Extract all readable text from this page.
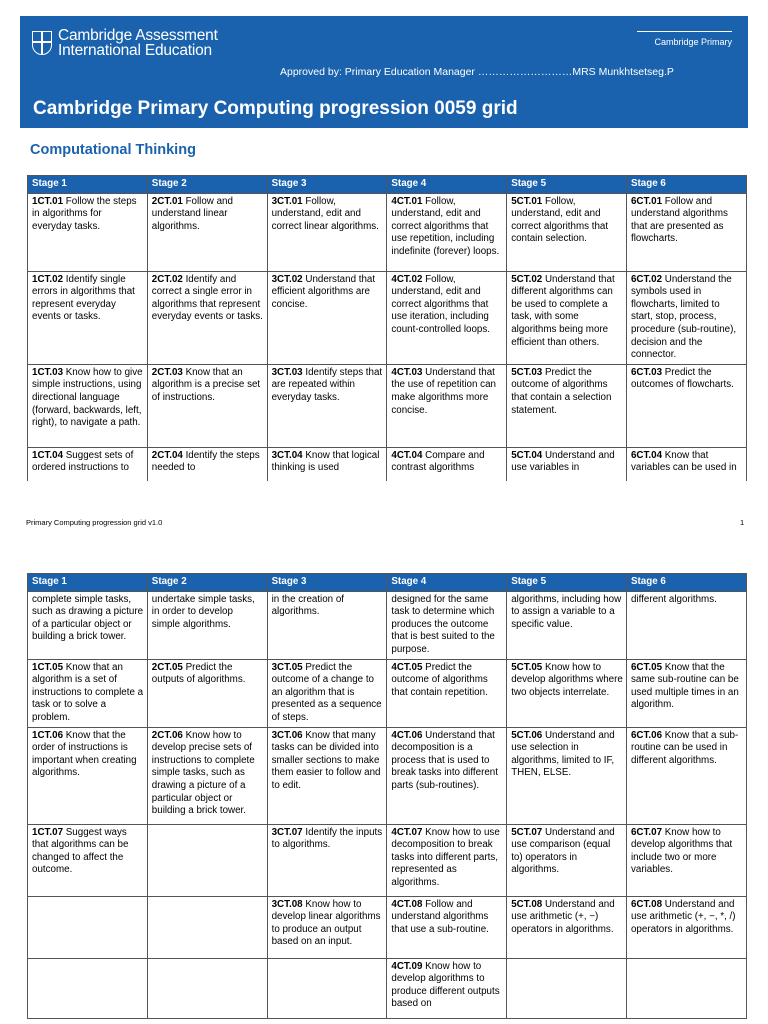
Cambridge Assessment
International Education	Cambridge Primary
Approved by: Primary Education Manager ………………………MRS Munkhtsetseg.P
Cambridge Primary Computing progression 0059 grid
Computational Thinking
Stage 1	Stage 2	Stage 3	Stage 4	Stage 5	Stage 6
1CT.01 Follow the steps in algorithms for everyday tasks.	2CT.01 Follow and understand linear algorithms.	3CT.01 Follow, understand, edit and correct linear algorithms.	4CT.01 Follow, understand, edit and correct algorithms that use repetition, including indefinite (forever) loops.	5CT.01 Follow, understand, edit and correct algorithms that contain selection.	6CT.01 Follow and understand algorithms that are presented as flowcharts.
1CT.02 Identify single errors in algorithms that represent everyday events or tasks.	2CT.02 Identify and correct a single error in algorithms that represent everyday events or tasks.	3CT.02 Understand that efficient algorithms are concise.	4CT.02 Follow, understand, edit and correct algorithms that use iteration, including count-controlled loops.	5CT.02 Understand that different algorithms can be used to complete a task, with some algorithms being more efficient than others.	6CT.02 Understand the symbols used in flowcharts, limited to start, stop, process, procedure (sub-routine), decision and the connector.
1CT.03 Know how to give simple instructions, using directional language (forward, backwards, left, right), to navigate a path.	2CT.03 Know that an algorithm is a precise set of instructions.	3CT.03 Identify steps that are repeated within everyday tasks.	4CT.03 Understand that the use of repetition can make algorithms more concise.	5CT.03 Predict the outcome of algorithms that contain a selection statement.	6CT.03 Predict the outcomes of flowcharts.
1CT.04 Suggest sets of ordered instructions to	2CT.04 Identify the steps needed to	3CT.04 Know that logical thinking is used	4CT.04 Compare and contrast algorithms	5CT.04 Understand and use variables in	6CT.04 Know that variables can be used in
Primary Computing progression grid v1.0	1
Stage 1	Stage 2	Stage 3	Stage 4	Stage 5	Stage 6
complete simple tasks, such as drawing a picture of a particular object or building a brick tower.	undertake simple tasks, in order to develop simple algorithms.	in the creation of algorithms.	designed for the same task to determine which produces the outcome that is best suited to the purpose.	algorithms, including how to assign a variable to a specific value.	different algorithms.
1CT.05 Know that an algorithm is a set of instructions to complete a task or to solve a problem.	2CT.05 Predict the outputs of algorithms.	3CT.05 Predict the outcome of a change to an algorithm that is presented as a sequence of steps.	4CT.05 Predict the outcome of algorithms that contain repetition.	5CT.05 Know how to develop algorithms where two objects interrelate.	6CT.05 Know that the same sub-routine can be used multiple times in an algorithm.
1CT.06 Know that the order of instructions is important when creating algorithms.	2CT.06 Know how to develop precise sets of instructions to complete simple tasks, such as drawing a picture of a particular object or building a brick tower.	3CT.06 Know that many tasks can be divided into smaller sections to make them easier to follow and to edit.	4CT.06 Understand that decomposition is a process that is used to break tasks into different parts (sub-routines).	5CT.06 Understand and use selection in algorithms, limited to IF, THEN, ELSE.	6CT.06 Know that a sub-routine can be used in different algorithms.
1CT.07 Suggest ways that algorithms can be changed to affect the outcome.		3CT.07 Identify the inputs to algorithms.	4CT.07 Know how to use decomposition to break tasks into different parts, represented as algorithms.	5CT.07 Understand and use comparison (equal to) operators in algorithms.	6CT.07 Know how to develop algorithms that include two or more variables.
		3CT.08 Know how to develop linear algorithms to produce an output based on an input.	4CT.08 Follow and understand algorithms that use a sub-routine.	5CT.08 Understand and use arithmetic (+, −) operators in algorithms.	6CT.08 Understand and use arithmetic (+, −, *, /) operators in algorithms.
			4CT.09 Know how to develop algorithms to produce different outputs based on		
